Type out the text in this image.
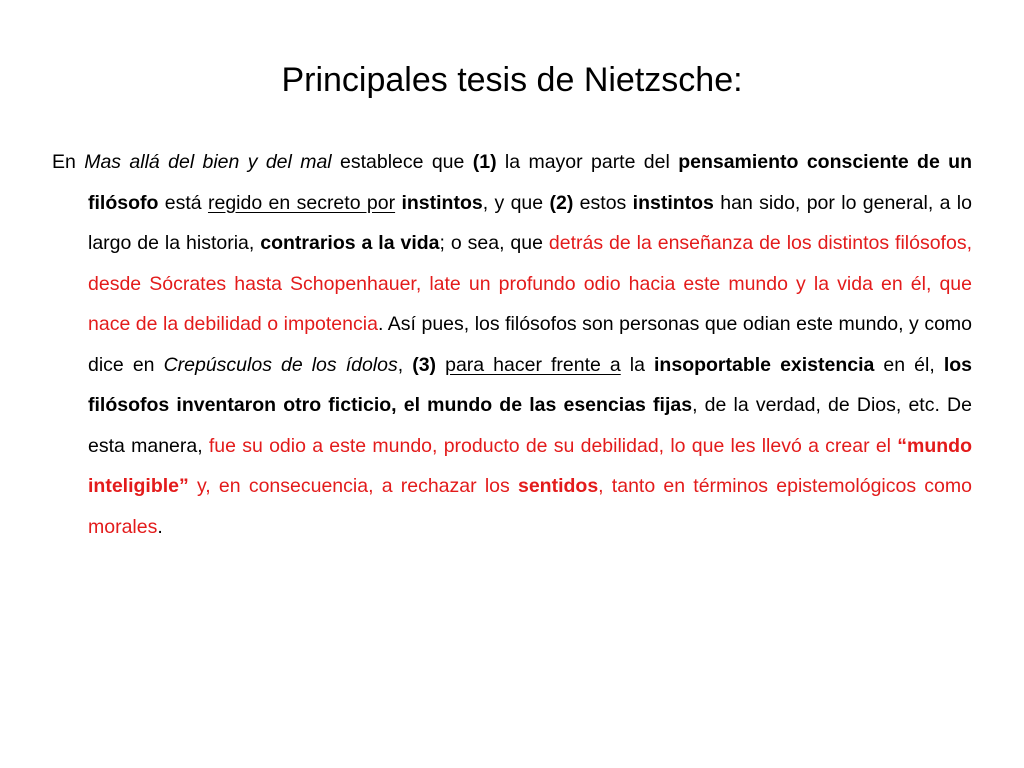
Principales tesis de Nietzsche:

En Mas allá del bien y del mal establece que (1) la mayor parte del pensamiento consciente de un filósofo está regido en secreto por instintos, y que (2) estos instintos han sido, por lo general, a lo largo de la historia, contrarios a la vida; o sea, que detrás de la enseñanza de los distintos filósofos, desde Sócrates hasta Schopenhauer, late un profundo odio hacia este mundo y la vida en él, que nace de la debilidad o impotencia. Así pues, los filósofos son personas que odian este mundo, y como dice en Crepúsculos de los ídolos, (3) para hacer frente a la insoportable existencia en él, los filósofos inventaron otro ficticio, el mundo de las esencias fijas, de la verdad, de Dios, etc. De esta manera, fue su odio a este mundo, producto de su debilidad, lo que les llevó a crear el “mundo inteligible” y, en consecuencia, a rechazar los sentidos, tanto en términos epistemológicos como morales.
